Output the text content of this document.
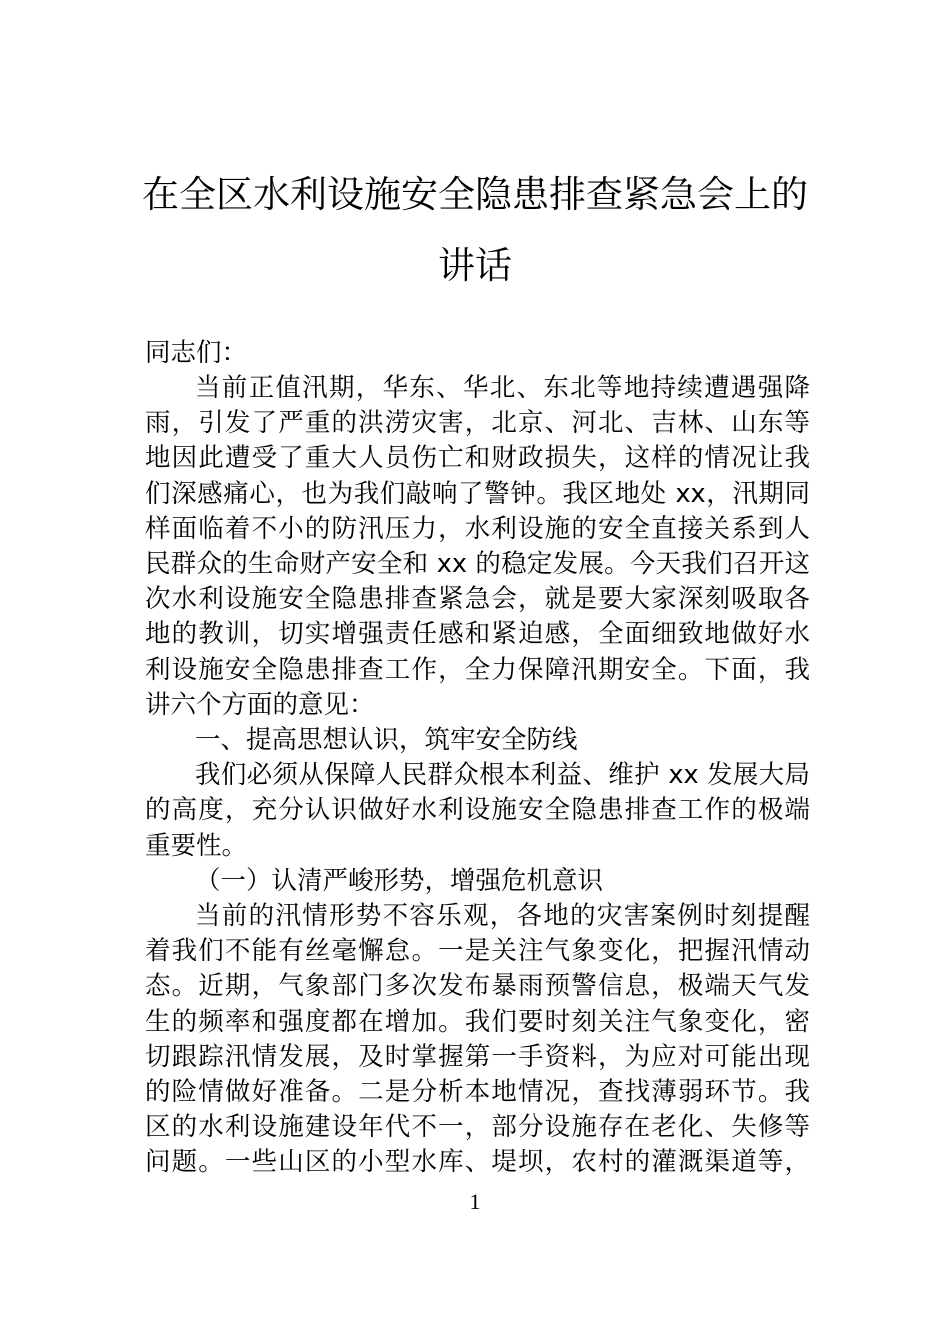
在全区水利设施安全隐患排查紧急会上的
讲话
同志们：
当前正值汛期，华东、华北、东北等地持续遭遇强降
雨，引发了严重的洪涝灾害，北京、河北、吉林、山东等
地因此遭受了重大人员伤亡和财政损失，这样的情况让我
们深感痛心，也为我们敲响了警钟。我区地处 xx，汛期同
样面临着不小的防汛压力，水利设施的安全直接关系到人
民群众的生命财产安全和 xx 的稳定发展。今天我们召开这
次水利设施安全隐患排查紧急会，就是要大家深刻吸取各
地的教训，切实增强责任感和紧迫感，全面细致地做好水
利设施安全隐患排查工作，全力保障汛期安全。下面，我
讲六个方面的意见：
一、提高思想认识，筑牢安全防线
我们必须从保障人民群众根本利益、维护 xx 发展大局
的高度，充分认识做好水利设施安全隐患排查工作的极端
重要性。
（一）认清严峻形势，增强危机意识
当前的汛情形势不容乐观，各地的灾害案例时刻提醒
着我们不能有丝毫懈怠。一是关注气象变化，把握汛情动
态。近期，气象部门多次发布暴雨预警信息，极端天气发
生的频率和强度都在增加。我们要时刻关注气象变化，密
切跟踪汛情发展，及时掌握第一手资料，为应对可能出现
的险情做好准备。二是分析本地情况，查找薄弱环节。我
区的水利设施建设年代不一，部分设施存在老化、失修等
问题。一些山区的小型水库、堤坝，农村的灌溉渠道等，
1
